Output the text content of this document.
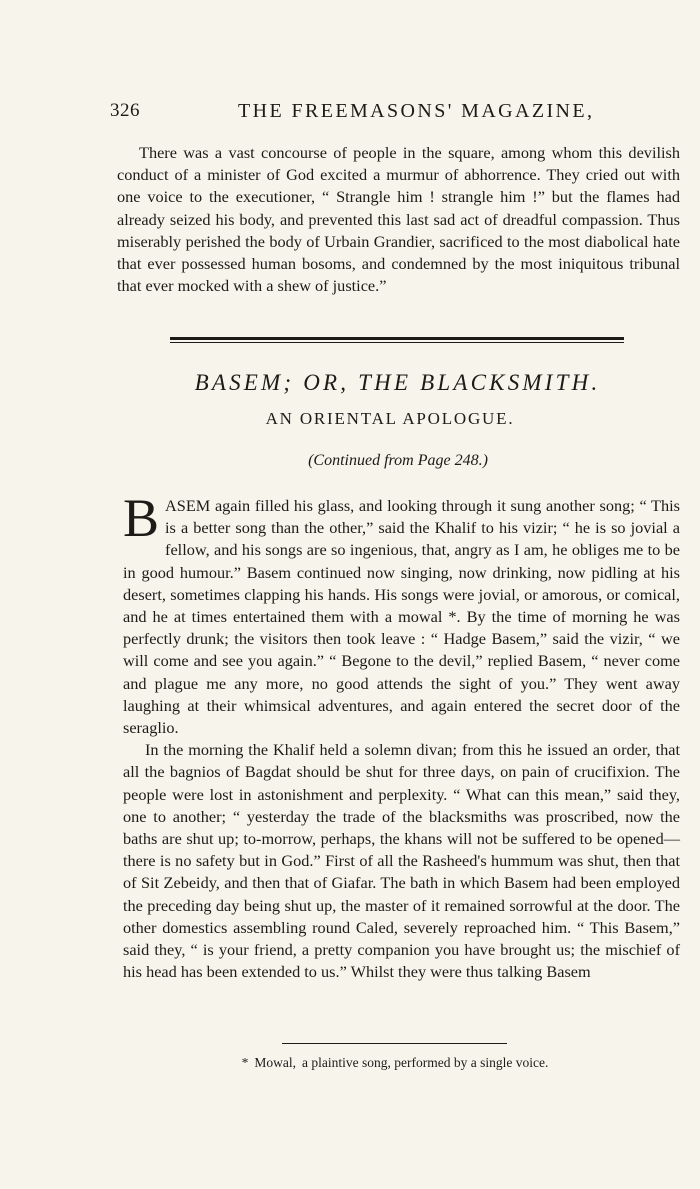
326	THE FREEMASONS' MAGAZINE,

There was a vast concourse of people in the square, among whom this devilish conduct of a minister of God excited a murmur of abhorrence. They cried out with one voice to the executioner, “ Strangle him ! strangle him !” but the flames had already seized his body, and prevented this last sad act of dreadful compassion. Thus miserably perished the body of Urbain Grandier, sacrificed to the most diabolical hate that ever possessed human bosoms, and condemned by the most iniquitous tribunal that ever mocked with a shew of justice.”

BASEM; OR, THE BLACKSMITH.
AN ORIENTAL APOLOGUE.
(Continued from Page 248.)

BASEM again filled his glass, and looking through it sung another song; “ This is a better song than the other,” said the Khalif to his vizir; “ he is so jovial a fellow, and his songs are so ingenious, that, angry as I am, he obliges me to be in good humour.” Basem continued now singing, now drinking, now pidling at his desert, sometimes clapping his hands. His songs were jovial, or amorous, or comical, and he at times entertained them with a mowal *. By the time of morning he was perfectly drunk; the visitors then took leave : “ Hadge Basem,” said the vizir, “ we will come and see you again.” “ Begone to the devil,” replied Basem, “ never come and plague me any more, no good attends the sight of you.” They went away laughing at their whimsical adventures, and again entered the secret door of the seraglio.

In the morning the Khalif held a solemn divan; from this he issued an order, that all the bagnios of Bagdat should be shut for three days, on pain of crucifixion. The people were lost in astonishment and perplexity. “ What can this mean,” said they, one to another; “ yesterday the trade of the blacksmiths was proscribed, now the baths are shut up; to-morrow, perhaps, the khans will not be suffered to be opened—there is no safety but in God.” First of all the Rasheed's hummum was shut, then that of Sit Zebeidy, and then that of Giafar. The bath in which Basem had been employed the preceding day being shut up, the master of it remained sorrowful at the door. The other domestics assembling round Caled, severely reproached him. “ This Basem,” said they, “ is your friend, a pretty companion you have brought us; the mischief of his head has been extended to us.” Whilst they were thus talking Basem

* Mowal, a plaintive song, performed by a single voice.
